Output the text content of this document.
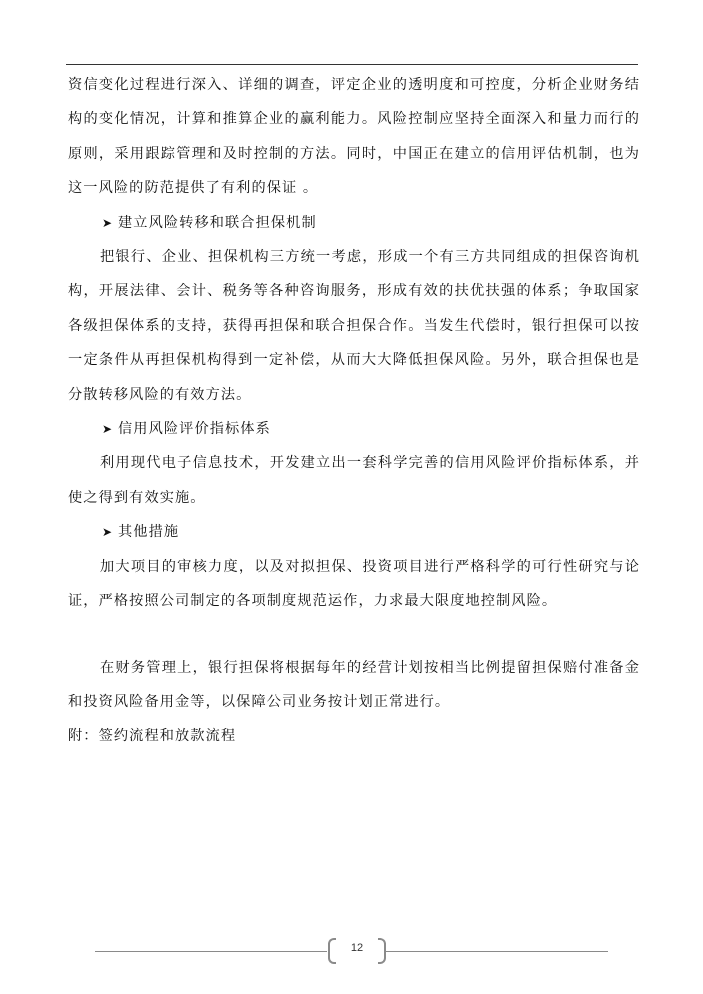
资信变化过程进行深入、详细的调查，评定企业的透明度和可控度，分析企业财务结构的变化情况，计算和推算企业的赢利能力。风险控制应坚持全面深入和量力而行的原则，采用跟踪管理和及时控制的方法。同时，中国正在建立的信用评估机制，也为这一风险的防范提供了有利的保证 。

➤ 建立风险转移和联合担保机制

把银行、企业、担保机构三方统一考虑，形成一个有三方共同组成的担保咨询机构，开展法律、会计、税务等各种咨询服务，形成有效的扶优扶强的体系；争取国家各级担保体系的支持，获得再担保和联合担保合作。当发生代偿时，银行担保可以按一定条件从再担保机构得到一定补偿，从而大大降低担保风险。另外，联合担保也是分散转移风险的有效方法。

➤ 信用风险评价指标体系

利用现代电子信息技术，开发建立出一套科学完善的信用风险评价指标体系，并使之得到有效实施。

➤ 其他措施

加大项目的审核力度，以及对拟担保、投资项目进行严格科学的可行性研究与论证，严格按照公司制定的各项制度规范运作，力求最大限度地控制风险。

在财务管理上，银行担保将根据每年的经营计划按相当比例提留担保赔付准备金和投资风险备用金等，以保障公司业务按计划正常进行。

附：签约流程和放款流程

12
